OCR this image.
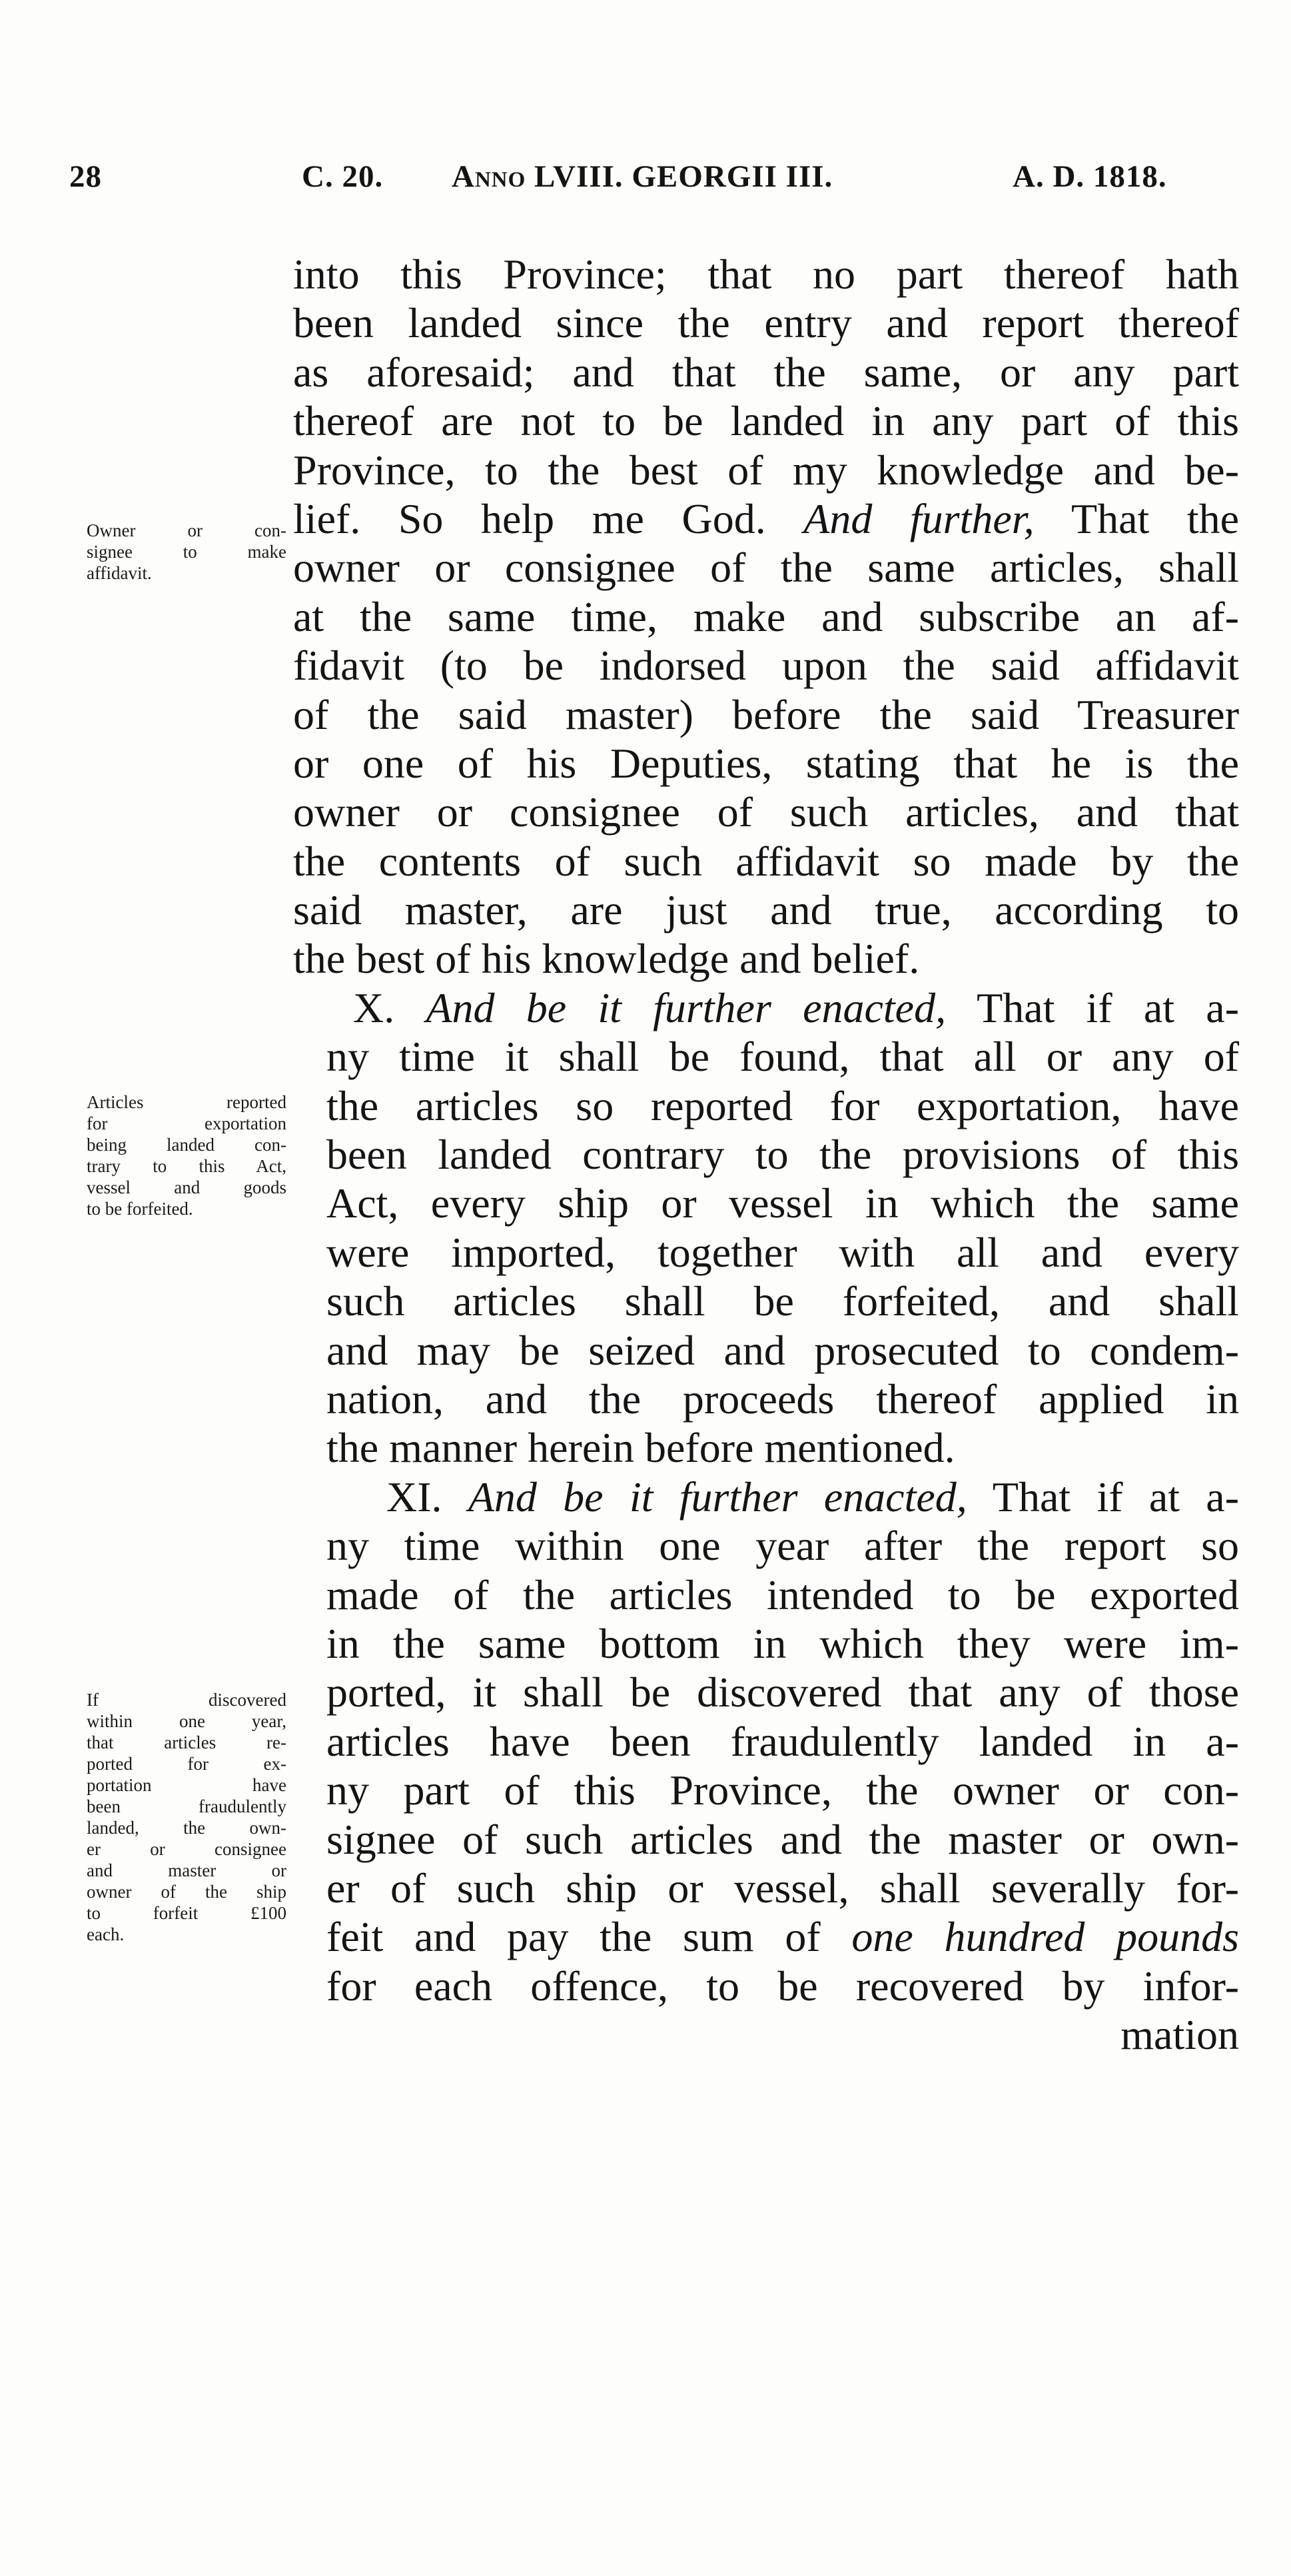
28	C. 20. Anno LVIII. GEORGII III.	A. D. 1818.
Owner or con-
signee to make
affidavit.
Articles reported
for exportation
being landed con-
trary to this Act,
vessel and goods
to be forfeited.
If discovered
within one year,
that articles re-
ported for ex-
portation have
been fraudulently
landed, the own-
er or consignee
and master or
owner of the ship
to forfeit £100
each.
into this Province; that no part thereof hath
been landed since the entry and report thereof
as aforesaid; and that the same, or any part
thereof are not to be landed in any part of this
Province, to the best of my knowledge and be-
lief. So help me God. And further, That the
owner or consignee of the same articles, shall
at the same time, make and subscribe an af-
fidavit (to be indorsed upon the said affidavit
of the said master) before the said Treasurer
or one of his Deputies, stating that he is the
owner or consignee of such articles, and that
the contents of such affidavit so made by the
said master, are just and true, according to
the best of his knowledge and belief.
X. And be it further enacted, That if at a-
ny time it shall be found, that all or any of
the articles so reported for exportation, have
been landed contrary to the provisions of this
Act, every ship or vessel in which the same
were imported, together with all and every
such articles shall be forfeited, and shall
and may be seized and prosecuted to condem-
nation, and the proceeds thereof applied in
the manner herein before mentioned.
XI. And be it further enacted, That if at a-
ny time within one year after the report so
made of the articles intended to be exported
in the same bottom in which they were im-
ported, it shall be discovered that any of those
articles have been fraudulently landed in a-
ny part of this Province, the owner or con-
signee of such articles and the master or own-
er of such ship or vessel, shall severally for-
feit and pay the sum of one hundred pounds
for each offence, to be recovered by infor-
mation
